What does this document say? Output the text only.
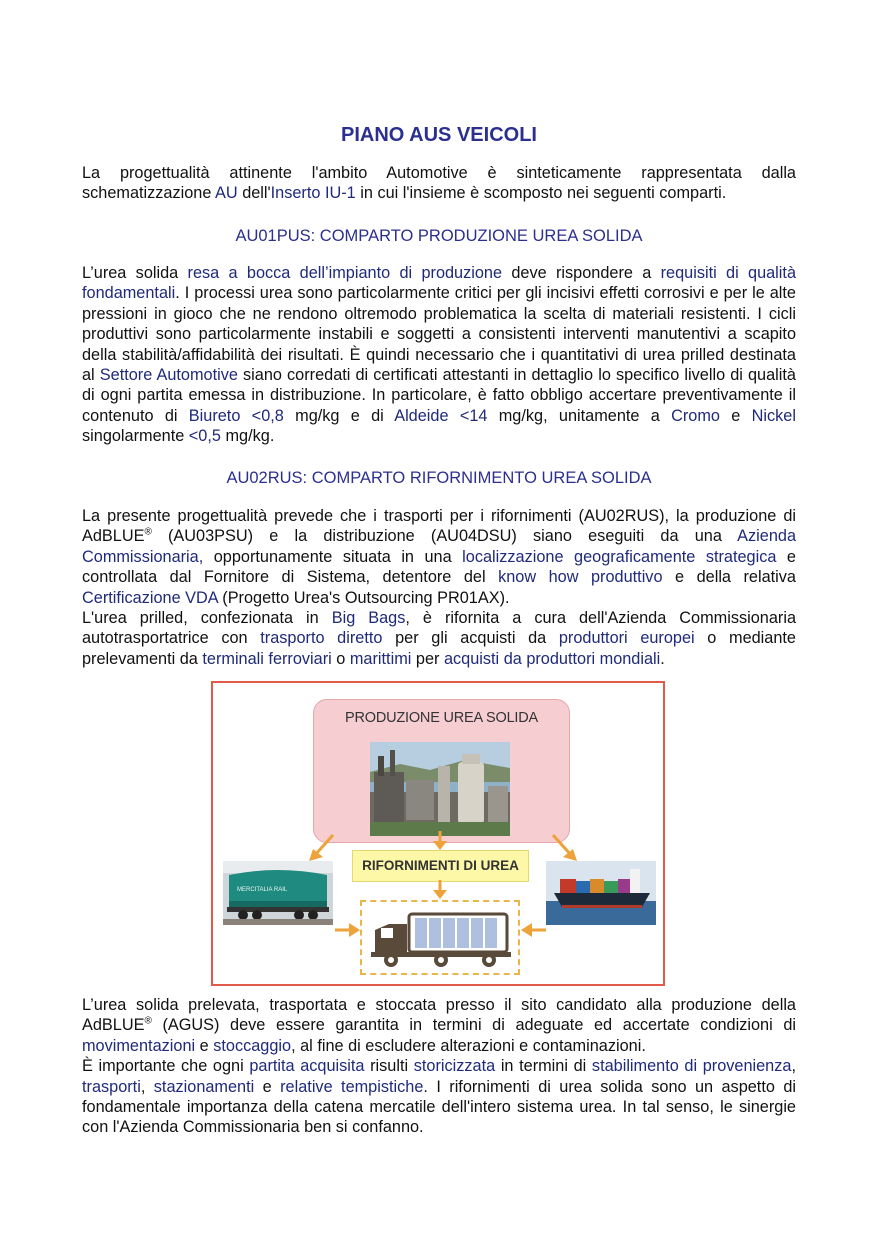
PIANO AUS VEICOLI

La progettualità attinente l'ambito Automotive è sinteticamente rappresentata dalla schematizzazione AU dell'Inserto IU-1 in cui l'insieme è scomposto nei seguenti comparti.

AU01PUS: COMPARTO PRODUZIONE UREA SOLIDA

L’urea solida resa a bocca dell’impianto di produzione deve rispondere a requisiti di qualità fondamentali. I processi urea sono particolarmente critici per gli incisivi effetti corrosivi e per le alte pressioni in gioco che ne rendono oltremodo problematica la scelta di materiali resistenti. I cicli produttivi sono particolarmente instabili e soggetti a consistenti interventi manutentivi a scapito della stabilità/affidabilità dei risultati. È quindi necessario che i quantitativi di urea prilled destinata al Settore Automotive siano corredati di certificati attestanti in dettaglio lo specifico livello di qualità di ogni partita emessa in distribuzione. In particolare, è fatto obbligo accertare preventivamente il contenuto di Biureto <0,8 mg/kg e di Aldeide <14 mg/kg, unitamente a Cromo e Nickel singolarmente <0,5 mg/kg.

AU02RUS: COMPARTO RIFORNIMENTO UREA SOLIDA

La presente progettualità prevede che i trasporti per i rifornimenti (AU02RUS), la produzione di AdBLUE® (AU03PSU) e la distribuzione (AU04DSU) siano eseguiti da una Azienda Commissionaria, opportunamente situata in una localizzazione geograficamente strategica e controllata dal Fornitore di Sistema, detentore del know how produttivo e della relativa Certificazione VDA (Progetto Urea's Outsourcing PR01AX).
L'urea prilled, confezionata in Big Bags, è rifornita a cura dell'Azienda Commissionaria autotrasportatrice con trasporto diretto per gli acquisti da produttori europei o mediante prelevamenti da terminali ferroviari o marittimi per acquisti da produttori mondiali.

L’urea solida prelevata, trasportata e stoccata presso il sito candidato alla produzione della AdBLUE® (AGUS) deve essere garantita in termini di adeguate ed accertate condizioni di movimentazioni e stoccaggio, al fine di escludere alterazioni e contaminazioni.
È importante che ogni partita acquisita risulti storicizzata in termini di stabilimento di provenienza, trasporti, stazionamenti e relative tempistiche. I rifornimenti di urea solida sono un aspetto di fondamentale importanza della catena mercatile dell'intero sistema urea. In tal senso, le sinergie con l'Azienda Commissionaria ben si confanno.

PRODUZIONE UREA SOLIDA
RIFORNIMENTI DI UREA
MERCITALIA RAIL
